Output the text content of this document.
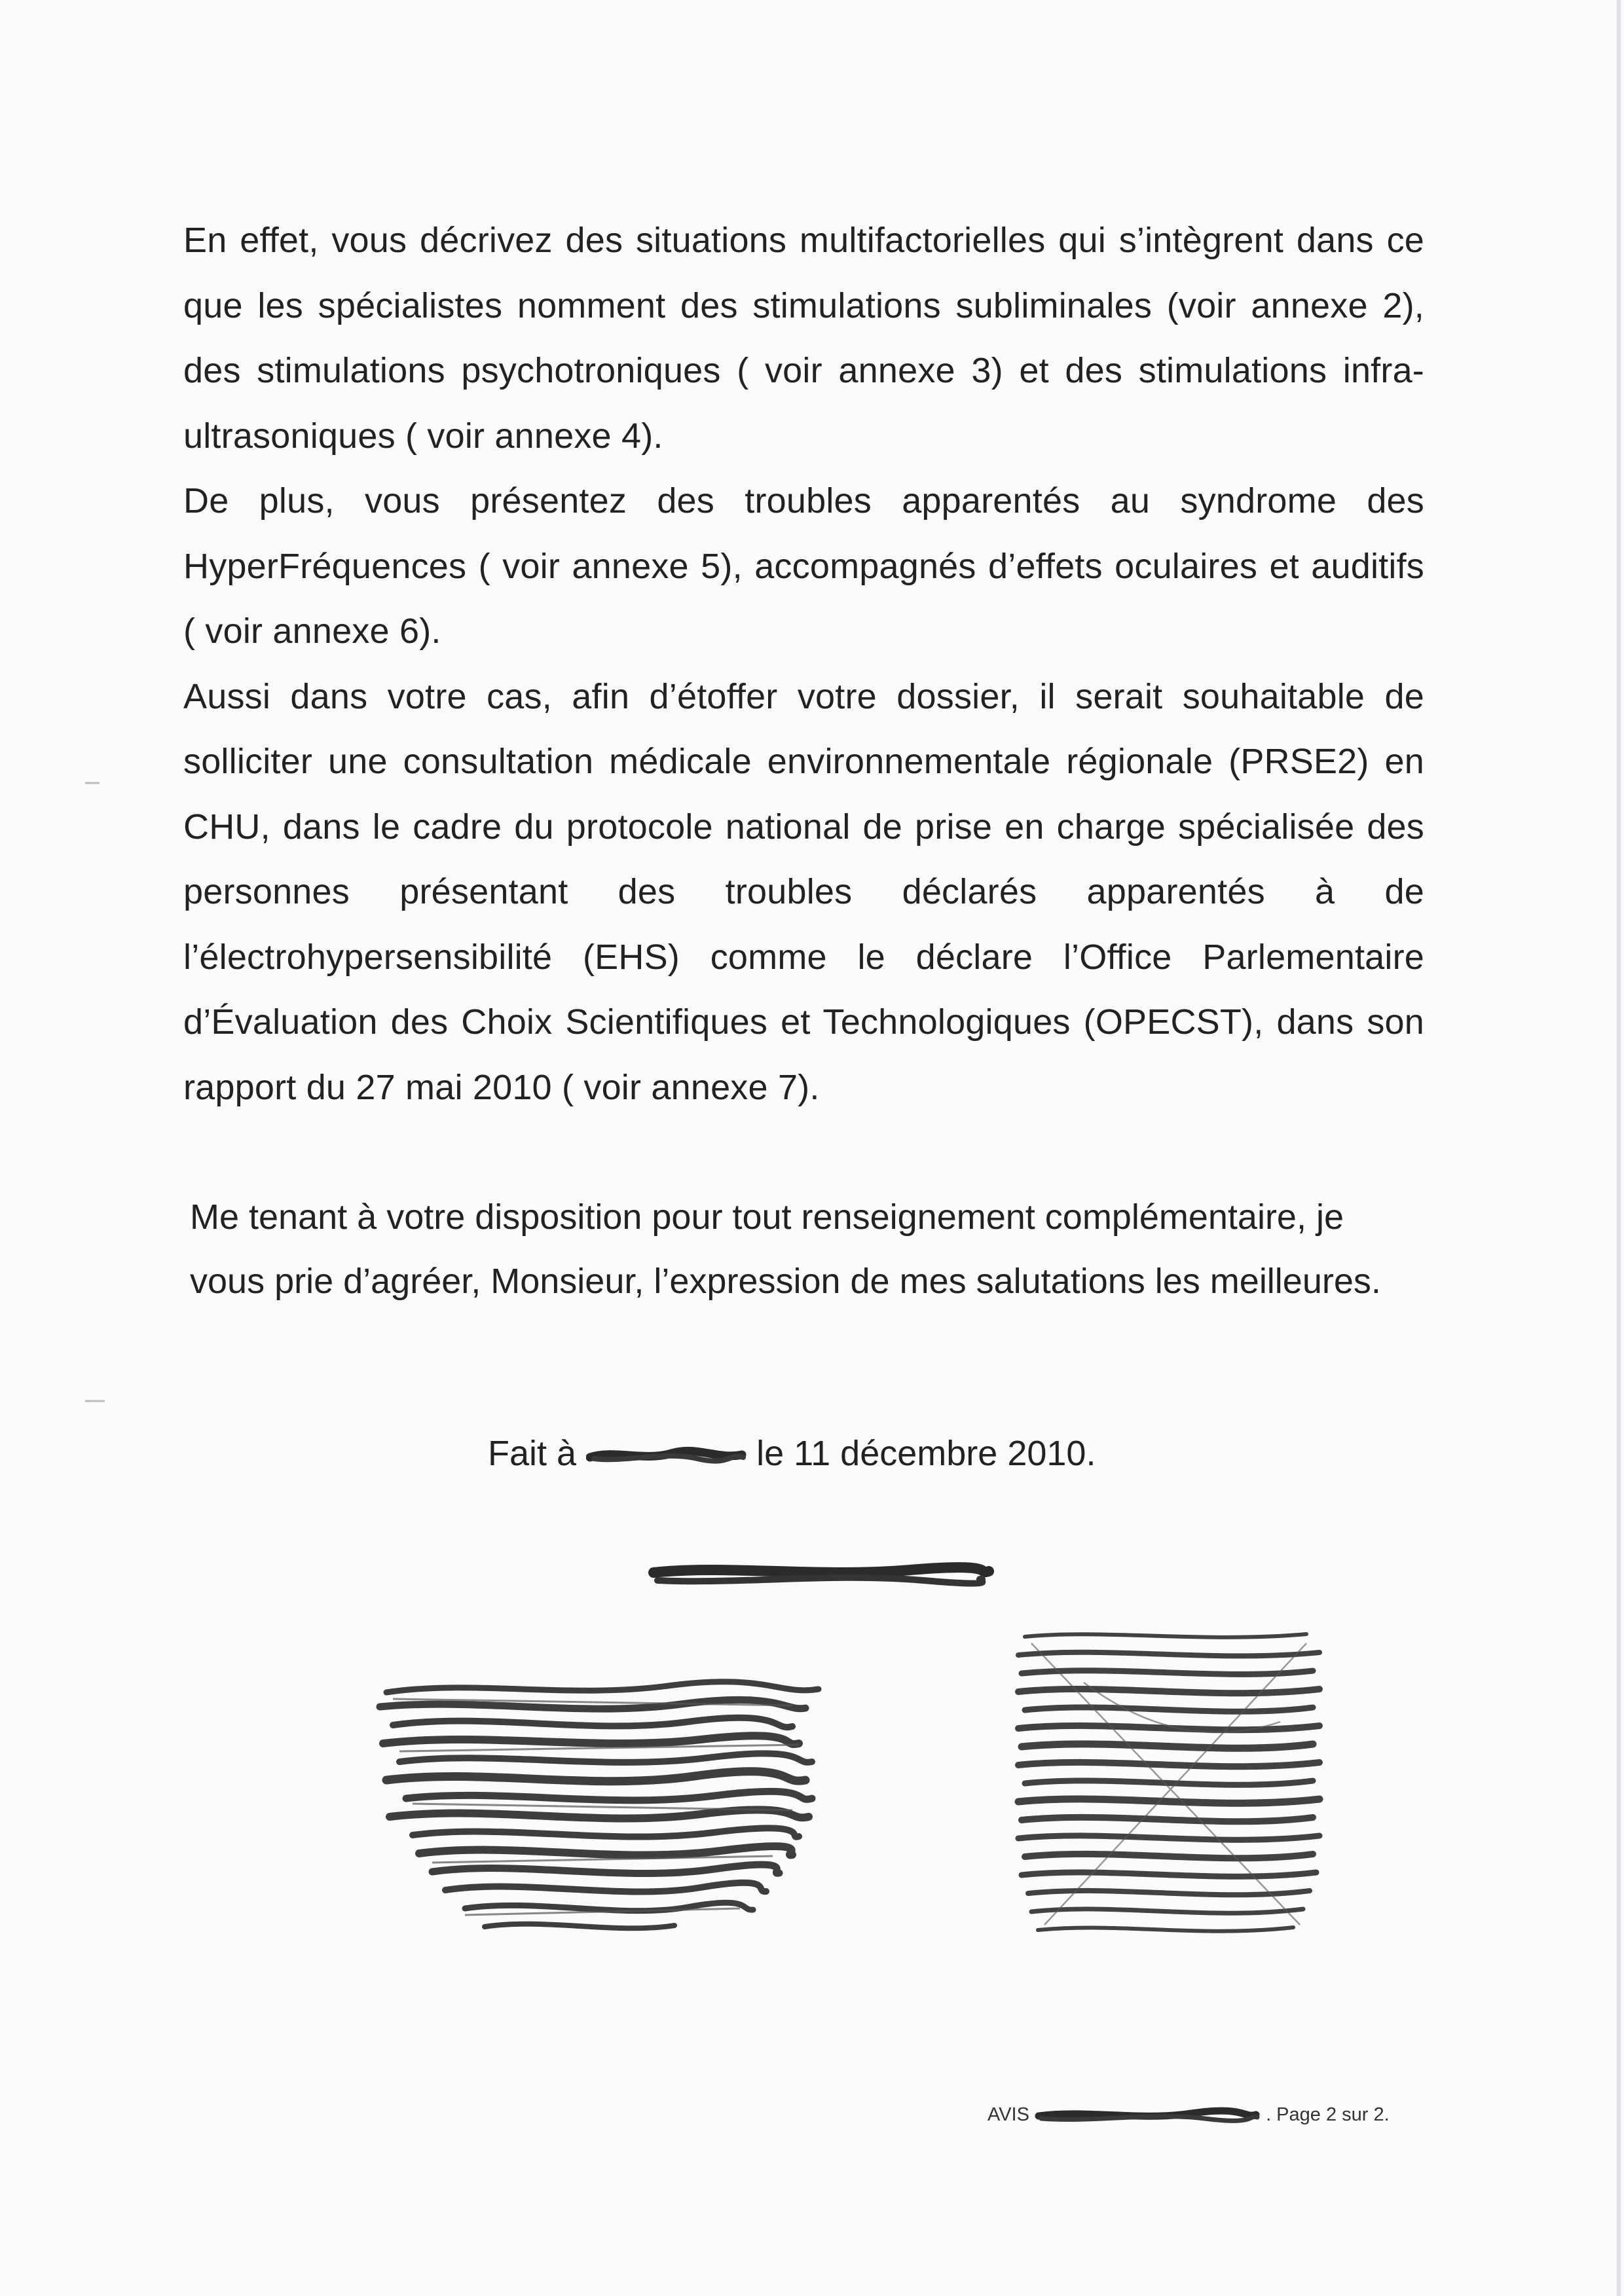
En effet, vous décrivez des situations multifactorielles qui s’intègrent dans ce que les spécialistes nomment des stimulations subliminales (voir annexe 2), des stimulations psychotroniques ( voir annexe 3) et des stimulations infra-ultrasoniques ( voir annexe 4).

De plus, vous présentez des troubles apparentés au syndrome des HyperFréquences ( voir annexe 5), accompagnés d’effets oculaires et auditifs ( voir annexe 6).

Aussi dans votre cas, afin d’étoffer votre dossier, il serait souhaitable de solliciter une consultation médicale environnementale régionale (PRSE2) en CHU, dans le cadre du protocole national de prise en charge spécialisée des personnes présentant des troubles déclarés apparentés à de l’électrohypersensibilité (EHS) comme le déclare l’Office Parlementaire d’Évaluation des Choix Scientifiques et Technologiques (OPECST), dans son rapport du 27 mai 2010 ( voir annexe 7).

Me tenant à votre disposition pour tout renseignement complémentaire, je

vous prie d’agréer, Monsieur, l’expression de mes salutations les meilleures.

Fait à	le 11 décembre 2010.
AVIS	. Page 2 sur 2.
